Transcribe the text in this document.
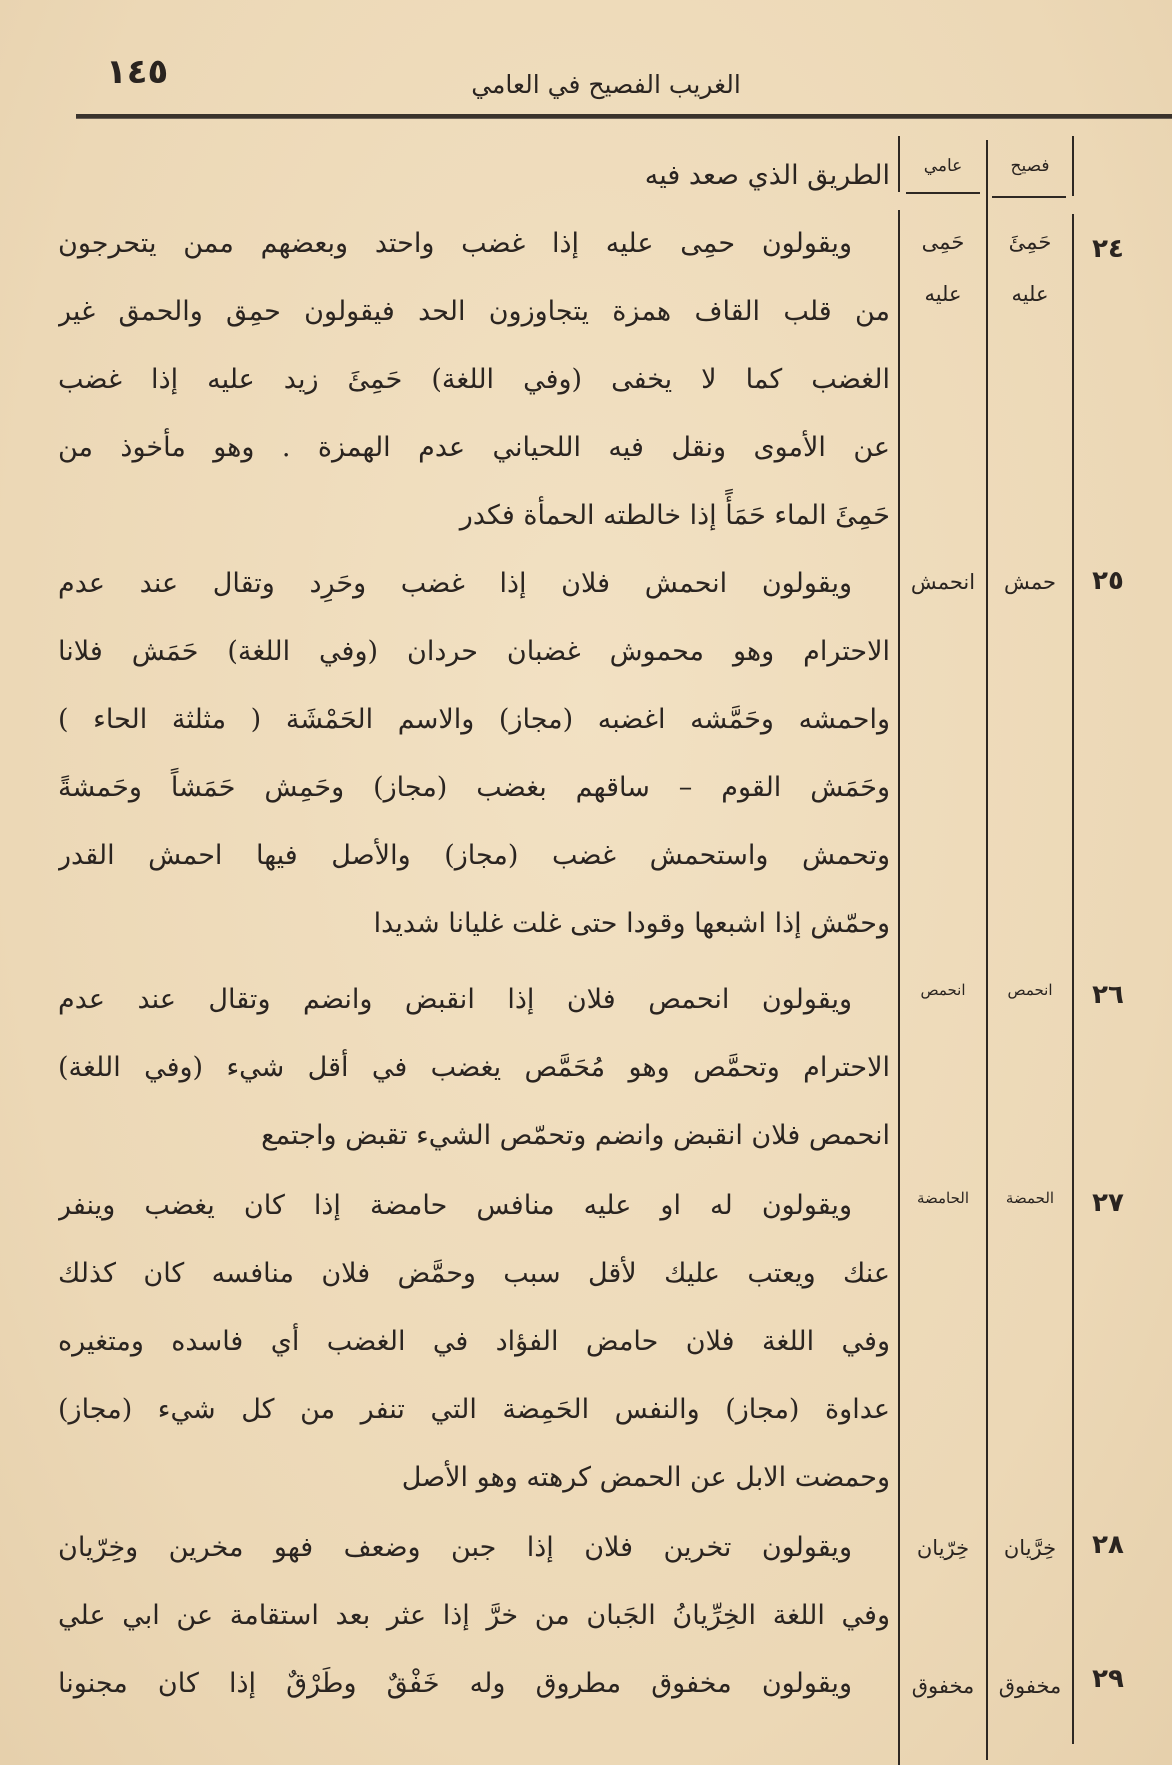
١٤٥	الغريب الفصيح في العامي
فصيح
عامي
الطريق الذي صعد فيه
٢٤
حَمِئَ
عليه
حَمِى
عليه
ويقولون حمِى عليه إذا غضب واحتد وبعضهم ممن يتحرجون
من قلب القاف همزة يتجاوزون الحد فيقولون حمِق والحمق غير
الغضب كما لا يخفى (وفي اللغة) حَمِئَ زيد عليه إذا غضب
عن الأموى ونقل فيه اللحياني عدم الهمزة . وهو مأخوذ من
حَمِئَ الماء حَمَأً إذا خالطته الحمأة فكدر
٢٥
حمش
انحمش
ويقولون انحمش فلان إذا غضب وحَرِد وتقال عند عدم
الاحترام وهو محموش غضبان حردان (وفي اللغة) حَمَش فلانا
واحمشه وحَمَّشه اغضبه (مجاز) والاسم الحَمْشَة ( مثلثة الحاء )
وحَمَش القوم – ساقهم بغضب (مجاز) وحَمِش حَمَشاً وحَمشةً
وتحمش واستحمش غضب (مجاز) والأصل فيها احمش القدر
وحمّش إذا اشبعها وقودا حتى غلت غليانا شديدا
٢٦
انحمص
انحمص
ويقولون انحمص فلان إذا انقبض وانضم وتقال عند عدم
الاحترام وتحمَّص وهو مُحَمَّص يغضب في أقل شيء (وفي اللغة)
انحمص فلان انقبض وانضم وتحمّص الشيء تقبض واجتمع
٢٧
الحمضة
الحامضة
ويقولون له او عليه منافس حامضة إذا كان يغضب وينفر
عنك ويعتب عليك لأقل سبب وحمَّض فلان منافسه كان كذلك
وفي اللغة فلان حامض الفؤاد في الغضب أي فاسده ومتغيره
عداوة (مجاز) والنفس الحَمِضة التي تنفر من كل شيء (مجاز)
وحمضت الابل عن الحمض كرهته وهو الأصل
٢٨
خِرَّيان
خِرّيان
ويقولون تخرين فلان إذا جبن وضعف فهو مخرين وخِرّيان
وفي اللغة الخِرِّيانُ الجَبان من خرَّ إذا عثر بعد استقامة عن ابي علي
٢٩
مخفوق
مخفوق
ويقولون مخفوق مطروق وله خَفْقٌ وطَرْقٌ إذا كان مجنونا
